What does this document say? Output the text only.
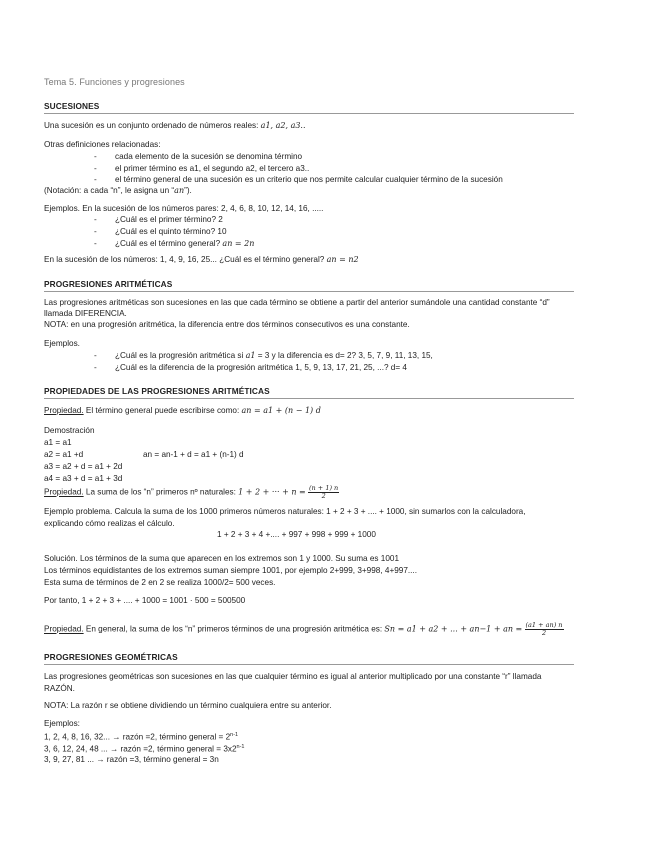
Tema 5. Funciones y progresiones
SUCESIONES
Una sucesión es un conjunto ordenado de números reales: a1, a2, a3..
Otras definiciones relacionadas:
- cada elemento de la sucesión se denomina término
- el primer término es a1, el segundo a2, el tercero a3..
- el término general de una sucesión es un criterio que nos permite calcular cualquier término de la sucesión
(Notación: a cada “n”, le asigna un “an”).
Ejemplos. En la sucesión de los números pares: 2, 4, 6, 8, 10, 12, 14, 16, .....
- ¿Cuál es el primer término? 2
- ¿Cuál es el quinto término? 10
- ¿Cuál es el término general? an = 2n
En la sucesión de los números: 1, 4, 9, 16, 25... ¿Cuál es el término general? an = n2
PROGRESIONES ARITMÉTICAS
Las progresiones aritméticas son sucesiones en las que cada término se obtiene a partir del anterior sumándole una cantidad constante “d”
llamada DIFERENCIA.
NOTA: en una progresión aritmética, la diferencia entre dos términos consecutivos es una constante.
Ejemplos.
- ¿Cuál es la progresión aritmética si a1 = 3 y la diferencia es d= 2? 3, 5, 7, 9, 11, 13, 15,
- ¿Cuál es la diferencia de la progresión aritmética 1, 5, 9, 13, 17, 21, 25, ...? d= 4
PROPIEDADES DE LAS PROGRESIONES ARITMÉTICAS
Propiedad. El término general puede escribirse como: an = a1 + (n − 1) d
Demostración
a1 = a1
a2 = a1 +d	an = an-1 + d = a1 + (n-1) d
a3 = a2 + d = a1 + 2d
a4 = a3 + d = a1 + 3d
Propiedad. La suma de los “n” primeros nº naturales: 1 + 2 + ··· + $n = \frac{(n + 1) n}{2}$
Ejemplo problema. Calcula la suma de los 1000 primeros números naturales: 1 + 2 + 3 + .... + 1000, sin sumarlos con la calculadora,
explicando cómo realizas el cálculo.
1 + 2 + 3 + 4 +.... + 997 + 998 + 999 + 1000
Solución. Los términos de la suma que aparecen en los extremos son 1 y 1000. Su suma es 1001
Los términos equidistantes de los extremos suman siempre 1001, por ejemplo 2+999, 3+998, 4+997....
Esta suma de términos de 2 en 2 se realiza 1000/2= 500 veces.
Por tanto, 1 + 2 + 3 + .... + 1000 = 1001 · 500 = 500500
Propiedad. En general, la suma de los “n” primeros términos de una progresión aritmética es: Sn = a1 + a2 + ... + an−1 + an = $\frac{(a1 + an) n}{2}$
PROGRESIONES GEOMÉTRICAS
Las progresiones geométricas son sucesiones en las que cualquier término es igual al anterior multiplicado por una constante “r” llamada
RAZÓN.
NOTA: La razón r se obtiene dividiendo un término cualquiera entre su anterior.
Ejemplos:
1, 2, 4, 8, 16, 32... → razón =2, término general = $2^{n-1}$
3, 6, 12, 24, 48 ... → razón =2, término general = $3x2^{n-1}$
3, 9, 27, 81 ... → razón =3, término general = 3n
